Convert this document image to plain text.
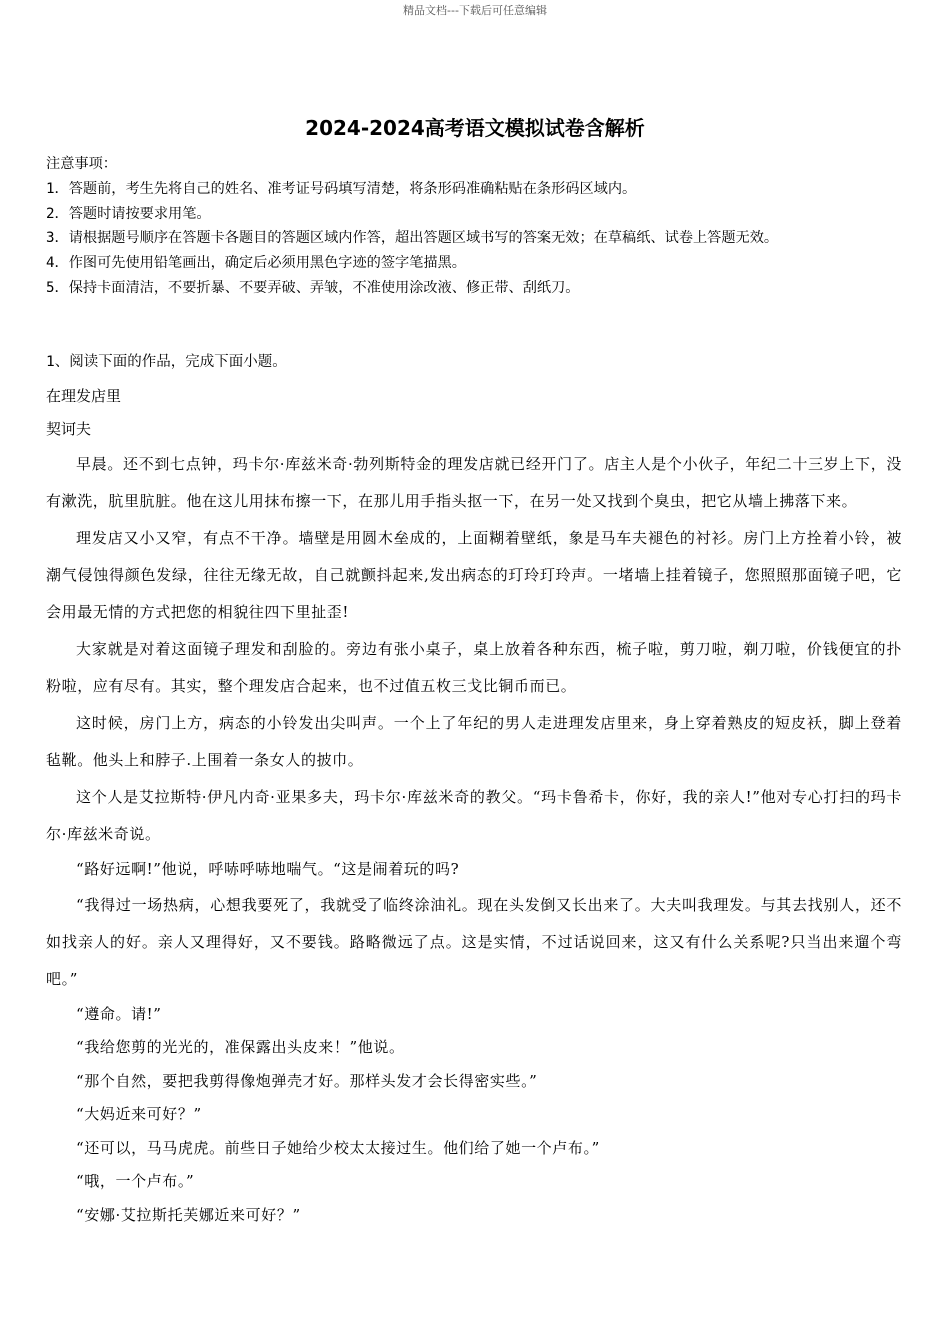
精品文档---下载后可任意编辑
2024-2024高考语文模拟试卷含解析
注意事项：
1．答题前，考生先将自己的姓名、准考证号码填写清楚，将条形码准确粘贴在条形码区域内。
2．答题时请按要求用笔。
3．请根据题号顺序在答题卡各题目的答题区域内作答，超出答题区域书写的答案无效；在草稿纸、试卷上答题无效。
4．作图可先使用铅笔画出，确定后必须用黑色字迹的签字笔描黑。
5．保持卡面清洁，不要折暴、不要弄破、弄皱，不准使用涂改液、修正带、刮纸刀。
1、阅读下面的作品，完成下面小题。
在理发店里
契诃夫

早晨。还不到七点钟，玛卡尔·库兹米奇·勃列斯特金的理发店就已经开门了。店主人是个小伙子，年纪二十三岁上下，没有漱洗，肮里肮脏。他在这儿用抹布擦一下，在那儿用手指头抠一下，在另一处又找到个臭虫，把它从墙上拂落下来。

理发店又小又窄，有点不干净。墙壁是用圆木垒成的，上面糊着壁纸，象是马车夫褪色的衬衫。房门上方拴着小铃，被潮气侵蚀得颜色发绿，往往无缘无故，自己就颤抖起来,发出病态的玎玲玎玲声。一堵墙上挂着镜子，您照照那面镜子吧，它会用最无情的方式把您的相貌往四下里扯歪!

大家就是对着这面镜子理发和刮脸的。旁边有张小桌子，桌上放着各种东西，梳子啦，剪刀啦，剃刀啦，价钱便宜的扑粉啦，应有尽有。其实，整个理发店合起来，也不过值五枚三戈比铜币而已。

这时候，房门上方，病态的小铃发出尖叫声。一个上了年纪的男人走进理发店里来，身上穿着熟皮的短皮袄，脚上登着毡靴。他头上和脖子.上围着一条女人的披巾。

这个人是艾拉斯特·伊凡内奇·亚果多夫，玛卡尔·库兹米奇的教父。“玛卡鲁希卡，你好，我的亲人!”他对专心打扫的玛卡尔·库兹米奇说。

“路好远啊!”他说，呼哧呼哧地喘气。“这是闹着玩的吗?

“我得过一场热病，心想我要死了，我就受了临终涂油礼。现在头发倒又长出来了。大夫叫我理发。与其去找别人，还不如找亲人的好。亲人又理得好，又不要钱。路略微远了点。这是实情，不过话说回来，这又有什么关系呢?只当出来遛个弯吧。”

“遵命。请!”

“我给您剪的光光的，准保露出头皮来！”他说。

“那个自然，要把我剪得像炮弹壳才好。那样头发才会长得密实些。”

“大妈近来可好？”

“还可以，马马虎虎。前些日子她给少校太太接过生。他们给了她一个卢布。”

“哦，一个卢布。”

“安娜·艾拉斯托芙娜近来可好？”
